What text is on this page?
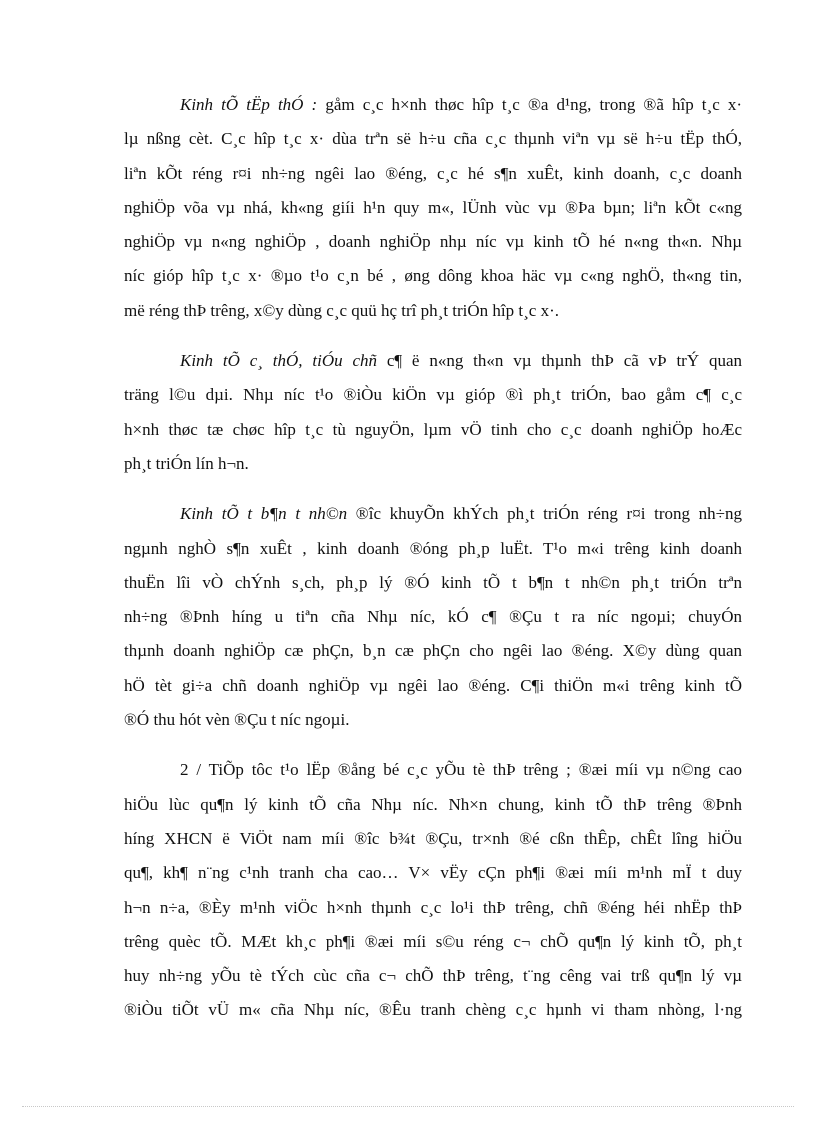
Kinh tÕ tËp thÓ : gåm c¸c h×nh thøc hîp t¸c ®a d¹ng, trong ®ã hîp t¸c x·
lµ nßng cèt. C¸c hîp t¸c x· dùa trªn së h÷u cña c¸c thµnh viªn vµ së h÷u tËp thÓ,
liªn kÕt réng r¤i nh÷ng ngêi lao ®éng, c¸c hé s¶n xuÊt, kinh doanh, c¸c doanh
nghiÖp võa vµ nhá, kh«ng giíi h¹n quy m«, lÜnh vùc vµ ®Þa bµn; liªn kÕt c«ng
nghiÖp vµ n«ng nghiÖp , doanh nghiÖp nhµ níc vµ kinh tÕ hé n«ng th«n. Nhµ
níc gióp hîp t¸c x· ®µo t¹o c¸n bé , øng dông khoa häc vµ c«ng nghÖ, th«ng tin,
më réng thÞ trêng, x©y dùng c¸c quü hç trî ph¸t triÓn hîp t¸c x·.
Kinh tÕ c¸ thÓ, tiÓu chñ c¶ ë n«ng th«n vµ thµnh thÞ cã vÞ trÝ quan
träng l©u dµi. Nhµ níc t¹o ®iÒu kiÖn vµ gióp ®ì ph¸t triÓn, bao gåm c¶ c¸c
h×nh thøc tæ chøc hîp t¸c tù nguyÖn, lµm vÖ tinh cho c¸c doanh nghiÖp hoÆc
ph¸t triÓn lín h¬n.
Kinh tÕ t b¶n t nh©n ®îc khuyÕn khÝch ph¸t triÓn réng r¤i trong nh÷ng
ngµnh nghÒ s¶n xuÊt , kinh doanh ®óng ph¸p luËt. T¹o m«i trêng kinh doanh
thuËn lîi vÒ chÝnh s¸ch, ph¸p lý ®Ó kinh tÕ t b¶n t nh©n ph¸t triÓn trªn
nh÷ng ®Þnh híng u tiªn cña Nhµ níc, kÓ c¶ ®Çu t ra níc ngoµi; chuyÓn
thµnh doanh nghiÖp cæ phÇn, b¸n cæ phÇn cho ngêi lao ®éng. X©y dùng quan
hÖ tèt gi÷a chñ doanh nghiÖp vµ ngêi lao ®éng. C¶i thiÖn m«i trêng kinh tÕ
®Ó thu hót vèn ®Çu t níc ngoµi.
2 / TiÕp tôc t¹o lËp ®ång bé c¸c yÕu tè thÞ trêng ; ®æi míi vµ n©ng cao
hiÖu lùc qu¶n lý kinh tÕ cña Nhµ níc. Nh×n chung, kinh tÕ thÞ trêng ®Þnh
híng XHCN ë ViÖt nam míi ®îc b¾t ®Çu, tr×nh ®é cßn thÊp, chÊt lîng hiÖu
qu¶, kh¶ n¨ng c¹nh tranh cha cao… V× vËy cÇn ph¶i ®æi míi m¹nh mÏ t duy
h¬n n÷a, ®Èy m¹nh viÖc h×nh thµnh c¸c lo¹i thÞ trêng, chñ ®éng héi nhËp thÞ
trêng quèc tÕ. MÆt kh¸c ph¶i ®æi míi s©u réng c¬ chÕ qu¶n lý kinh tÕ, ph¸t
huy nh÷ng yÕu tè tÝch cùc cña c¬ chÕ thÞ trêng, t¨ng cêng vai trß qu¶n lý vµ
®iÒu tiÕt vÜ m« cña Nhµ níc, ®Êu tranh chèng c¸c hµnh vi tham nhòng, l·ng
